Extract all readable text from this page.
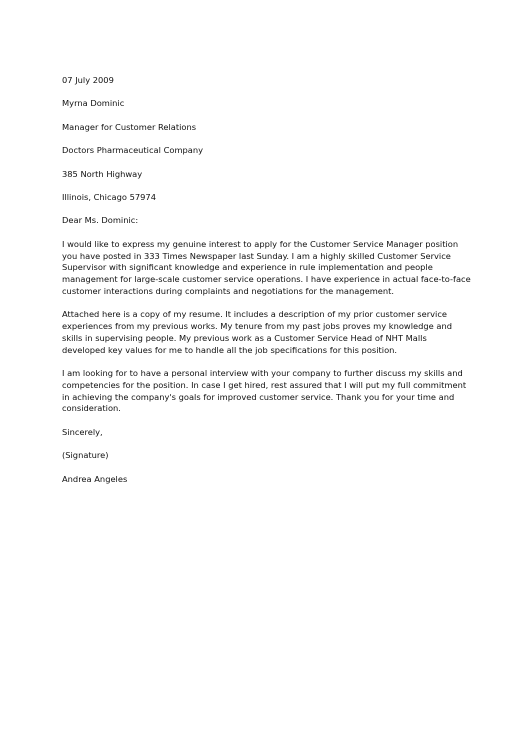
07 July 2009
Myrna Dominic
Manager for Customer Relations
Doctors Pharmaceutical Company
385 North Highway
Illinois, Chicago 57974
Dear Ms. Dominic:
I would like to express my genuine interest to apply for the Customer Service Manager position you have posted in 333 Times Newspaper last Sunday. I am a highly skilled Customer Service Supervisor with significant knowledge and experience in rule implementation and people management for large-scale customer service operations. I have experience in actual face-to-face customer interactions during complaints and negotiations for the management.
Attached here is a copy of my resume. It includes a description of my prior customer service experiences from my previous works. My tenure from my past jobs proves my knowledge and skills in supervising people. My previous work as a Customer Service Head of NHT Malls developed key values for me to handle all the job specifications for this position.
I am looking for to have a personal interview with your company to further discuss my skills and competencies for the position. In case I get hired, rest assured that I will put my full commitment in achieving the company's goals for improved customer service. Thank you for your time and consideration.
Sincerely,
(Signature)
Andrea Angeles
